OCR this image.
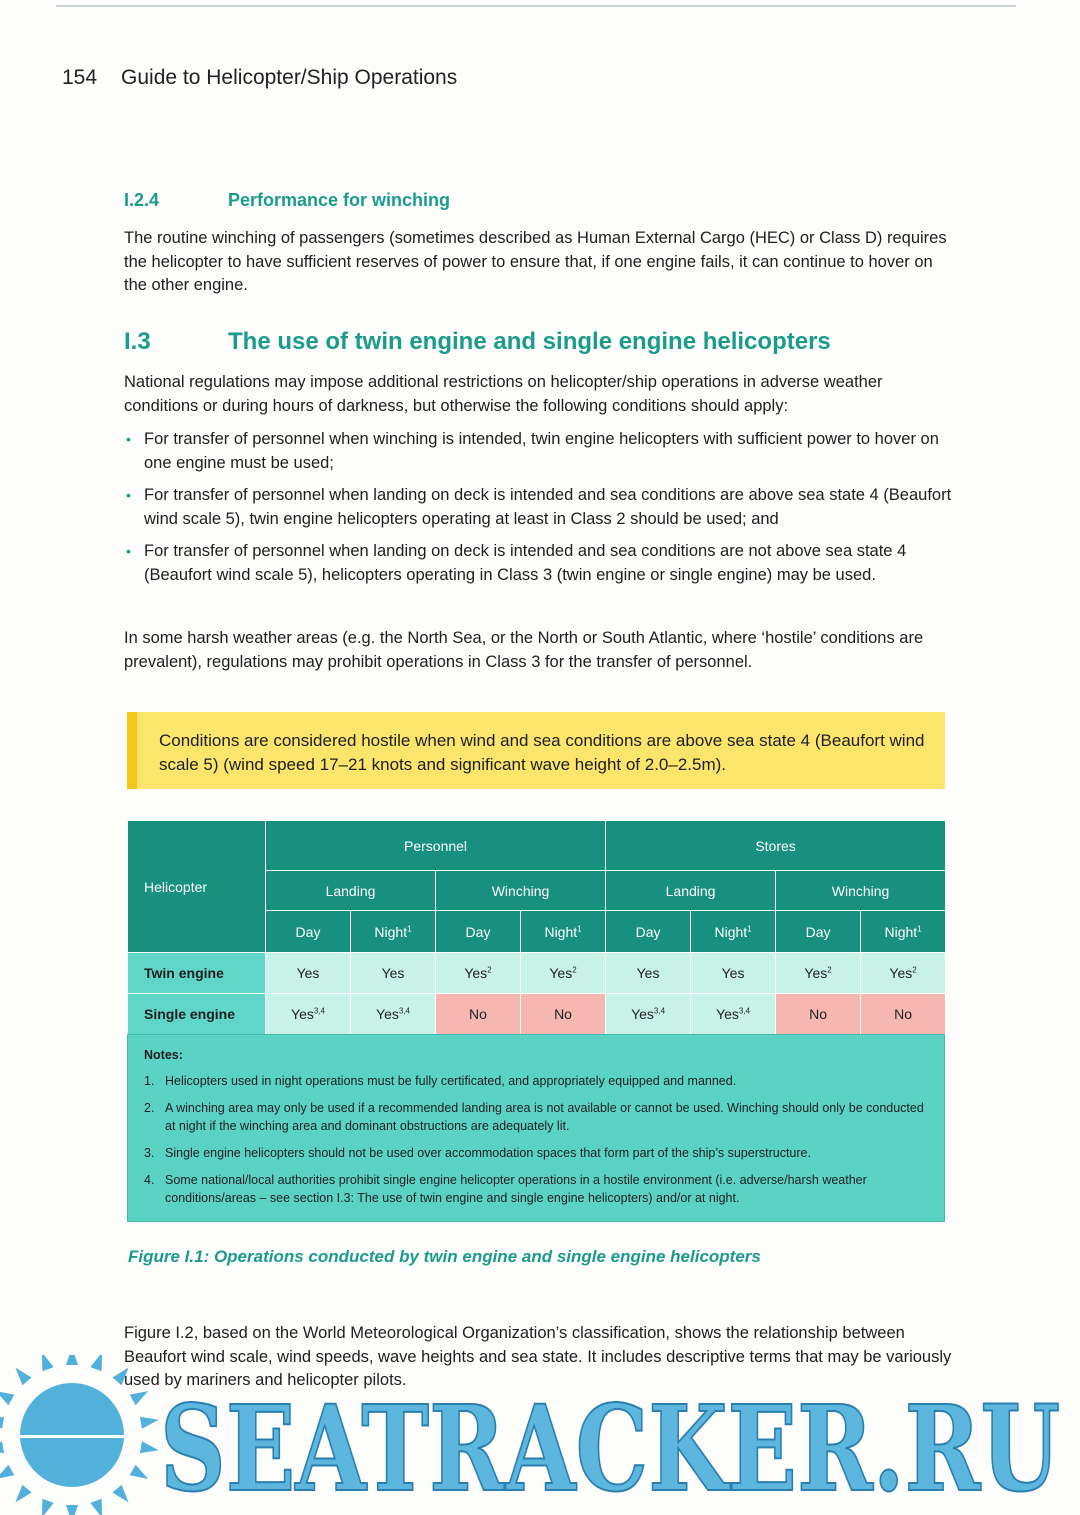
154 Guide to Helicopter/Ship Operations
I.2.4	Performance for winching

The routine winching of passengers (sometimes described as Human External Cargo (HEC) or Class D) requires the helicopter to have sufficient reserves of power to ensure that, if one engine fails, it can continue to hover on the other engine.

I.3	The use of twin engine and single engine helicopters

National regulations may impose additional restrictions on helicopter/ship operations in adverse weather conditions or during hours of darkness, but otherwise the following conditions should apply:

• For transfer of personnel when winching is intended, twin engine helicopters with sufficient power to hover on one engine must be used;
• For transfer of personnel when landing on deck is intended and sea conditions are above sea state 4 (Beaufort wind scale 5), twin engine helicopters operating at least in Class 2 should be used; and
• For transfer of personnel when landing on deck is intended and sea conditions are not above sea state 4 (Beaufort wind scale 5), helicopters operating in Class 3 (twin engine or single engine) may be used.

In some harsh weather areas (e.g. the North Sea, or the North or South Atlantic, where ‘hostile’ conditions are prevalent), regulations may prohibit operations in Class 3 for the transfer of personnel.

Conditions are considered hostile when wind and sea conditions are above sea state 4 (Beaufort wind scale 5) (wind speed 17–21 knots and significant wave height of 2.0–2.5m).

Helicopter	Personnel				Stores			
	Landing		Winching		Landing		Winching	
	Day	Night$^1$	Day	Night$^1$	Day	Night$^1$	Day	Night$^1$
Twin engine	Yes	Yes	Yes$^2$	Yes$^2$	Yes	Yes	Yes$^2$	Yes$^2$
Single engine	Yes$^{3,4}$	Yes$^{3,4}$	No	No	Yes$^{3,4}$	Yes$^{3,4}$	No	No
Notes:
1. Helicopters used in night operations must be fully certificated, and appropriately equipped and manned.
2. A winching area may only be used if a recommended landing area is not available or cannot be used. Winching should only be conducted at night if the winching area and dominant obstructions are adequately lit.
3. Single engine helicopters should not be used over accommodation spaces that form part of the ship’s superstructure.
4. Some national/local authorities prohibit single engine helicopter operations in a hostile environment (i.e. adverse/harsh weather conditions/areas – see section I.3: The use of twin engine and single engine helicopters) and/or at night.
Figure I.1: Operations conducted by twin engine and single engine helicopters

Figure I.2, based on the World Meteorological Organization’s classification, shows the relationship between Beaufort wind scale, wind speeds, wave heights and sea state. It includes descriptive terms that may be variously used by mariners and helicopter pilots.

SEATRACKER.RU
